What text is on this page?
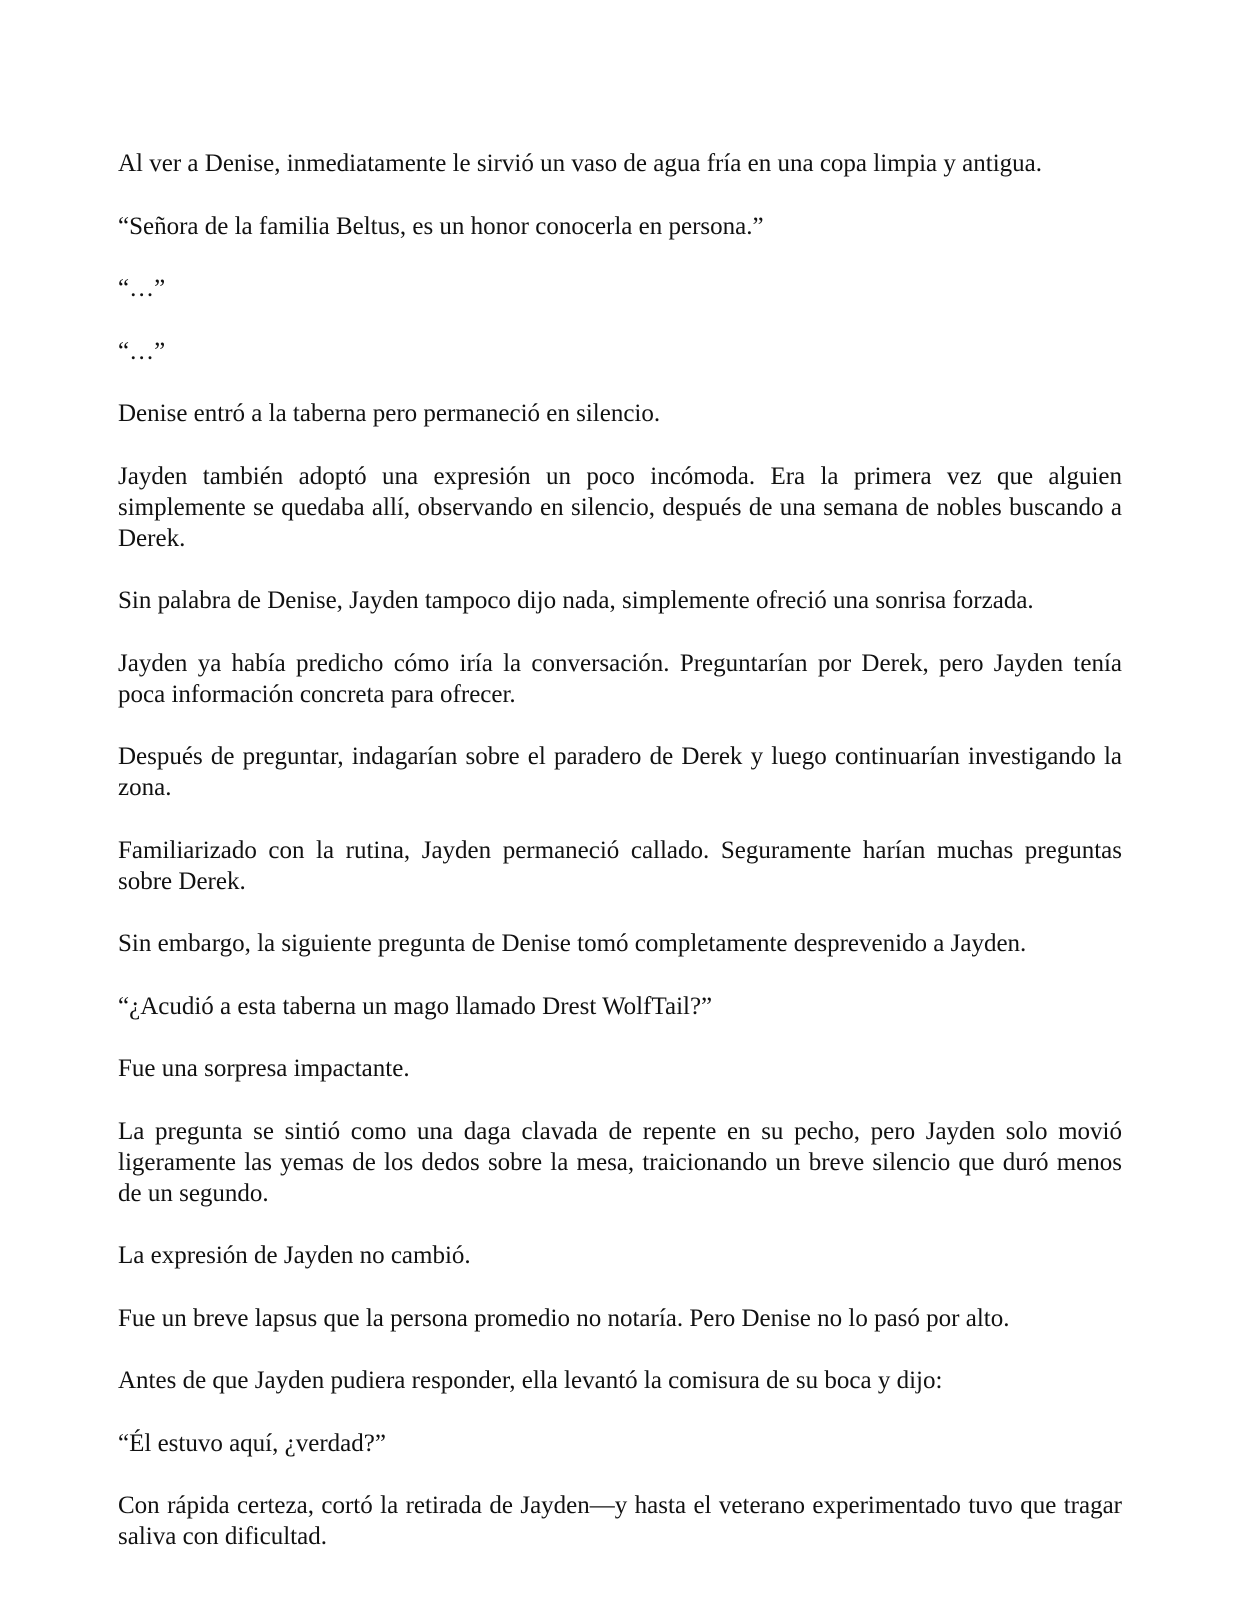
Al ver a Denise, inmediatamente le sirvió un vaso de agua fría en una copa limpia y antigua.

“Señora de la familia Beltus, es un honor conocerla en persona.”

“…”

“…”

Denise entró a la taberna pero permaneció en silencio.

Jayden también adoptó una expresión un poco incómoda. Era la primera vez que alguien simplemente se quedaba allí, observando en silencio, después de una semana de nobles buscando a Derek.

Sin palabra de Denise, Jayden tampoco dijo nada, simplemente ofreció una sonrisa forzada.

Jayden ya había predicho cómo iría la conversación. Preguntarían por Derek, pero Jayden tenía poca información concreta para ofrecer.

Después de preguntar, indagarían sobre el paradero de Derek y luego continuarían investigando la zona.

Familiarizado con la rutina, Jayden permaneció callado. Seguramente harían muchas preguntas sobre Derek.

Sin embargo, la siguiente pregunta de Denise tomó completamente desprevenido a Jayden.

“¿Acudió a esta taberna un mago llamado Drest WolfTail?”

Fue una sorpresa impactante.

La pregunta se sintió como una daga clavada de repente en su pecho, pero Jayden solo movió ligeramente las yemas de los dedos sobre la mesa, traicionando un breve silencio que duró menos de un segundo.

La expresión de Jayden no cambió.

Fue un breve lapsus que la persona promedio no notaría. Pero Denise no lo pasó por alto.

Antes de que Jayden pudiera responder, ella levantó la comisura de su boca y dijo:

“Él estuvo aquí, ¿verdad?”

Con rápida certeza, cortó la retirada de Jayden—y hasta el veterano experimentado tuvo que tragar saliva con dificultad.
